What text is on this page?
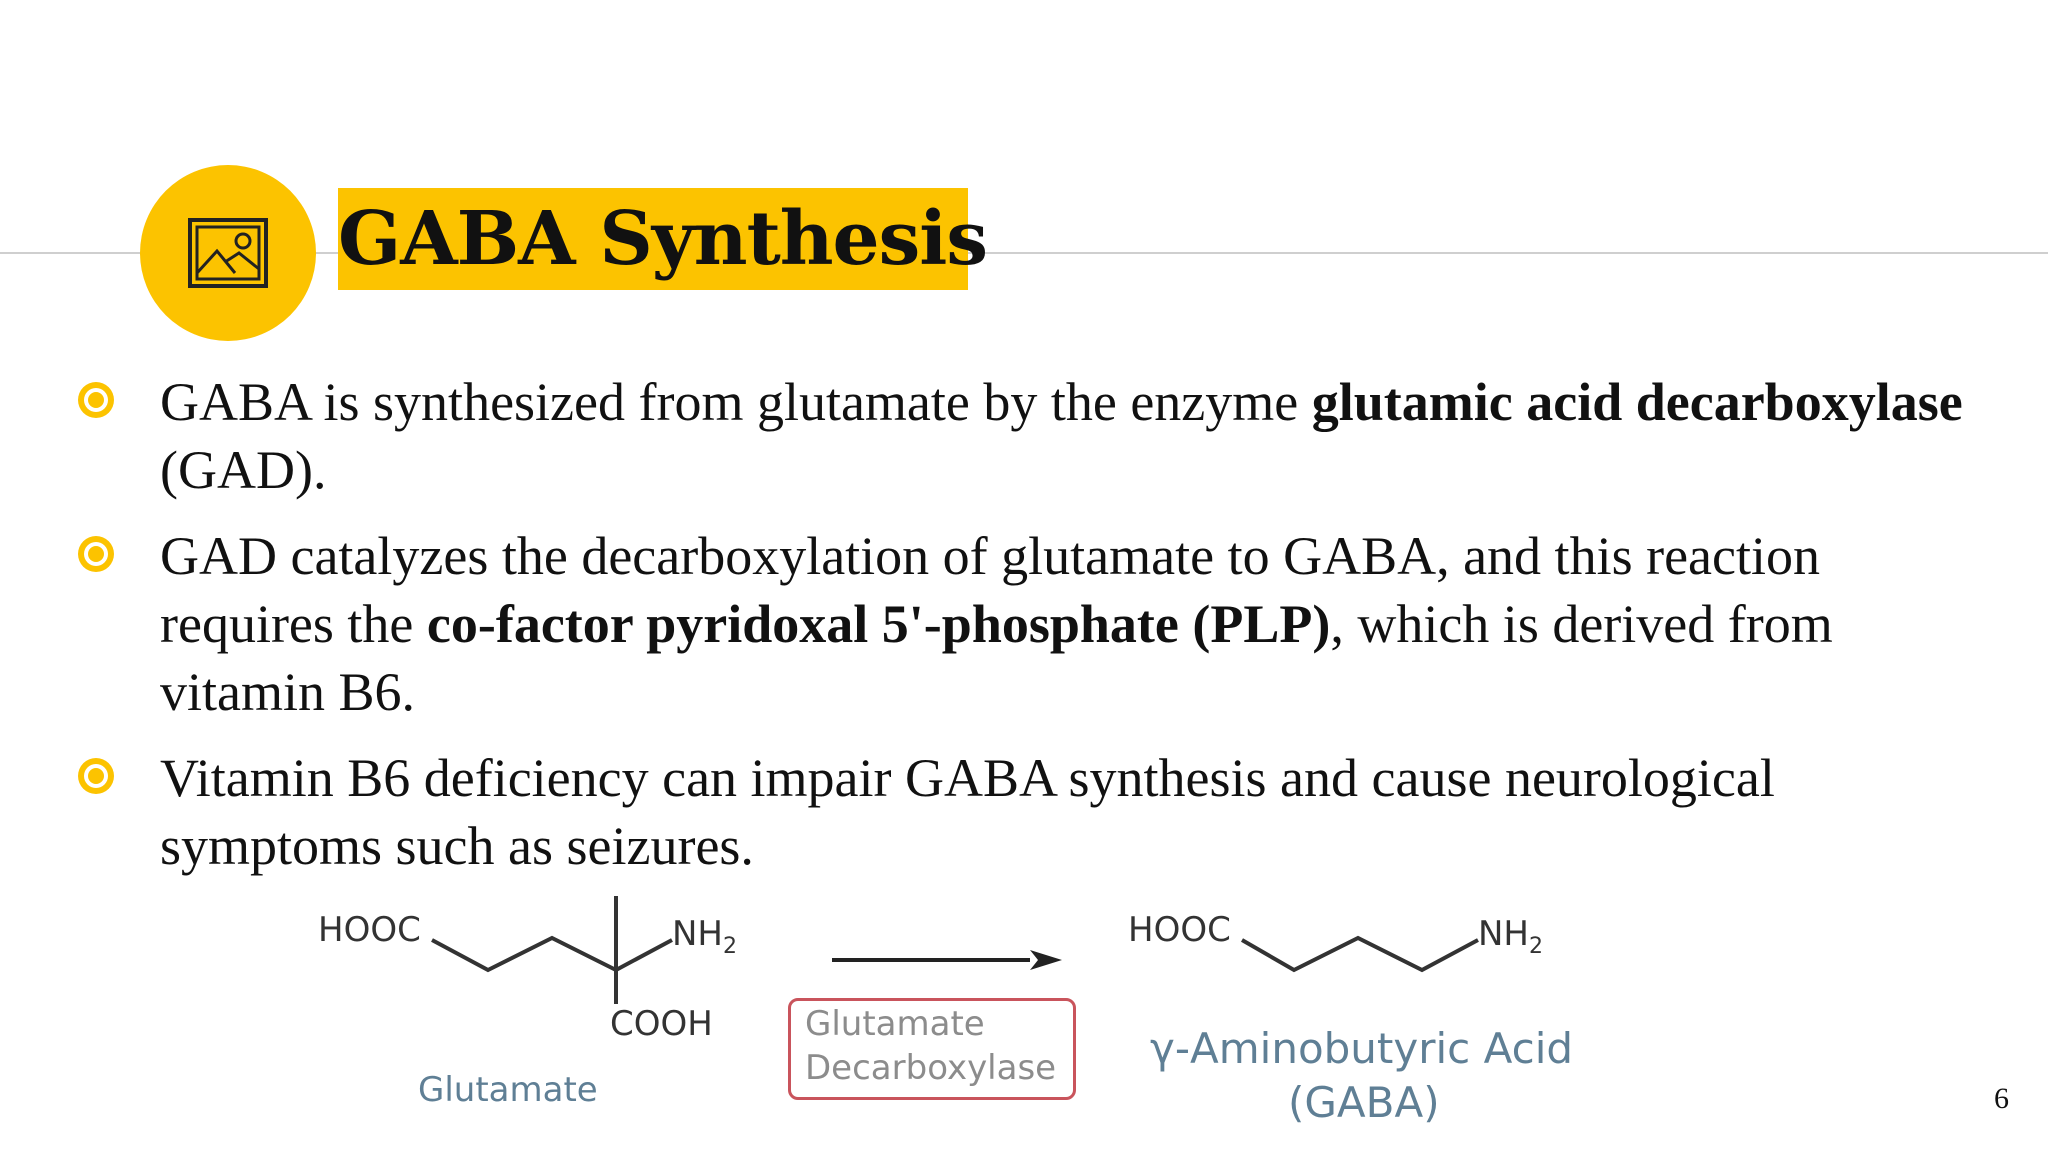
GABA Synthesis
GABA is synthesized from glutamate by the enzyme glutamic acid decarboxylase (GAD).
GAD catalyzes the decarboxylation of glutamate to GABA, and this reaction requires the co-factor pyridoxal 5'-phosphate (PLP), which is derived from vitamin B6.
Vitamin B6 deficiency can impair GABA synthesis and cause neurological symptoms such as seizures.
HOOC	$NH_2$
COOH
Glutamate
Glutamate
Decarboxylase
HOOC	$NH_2$
γ-Aminobutyric Acid
(GABA)	6
